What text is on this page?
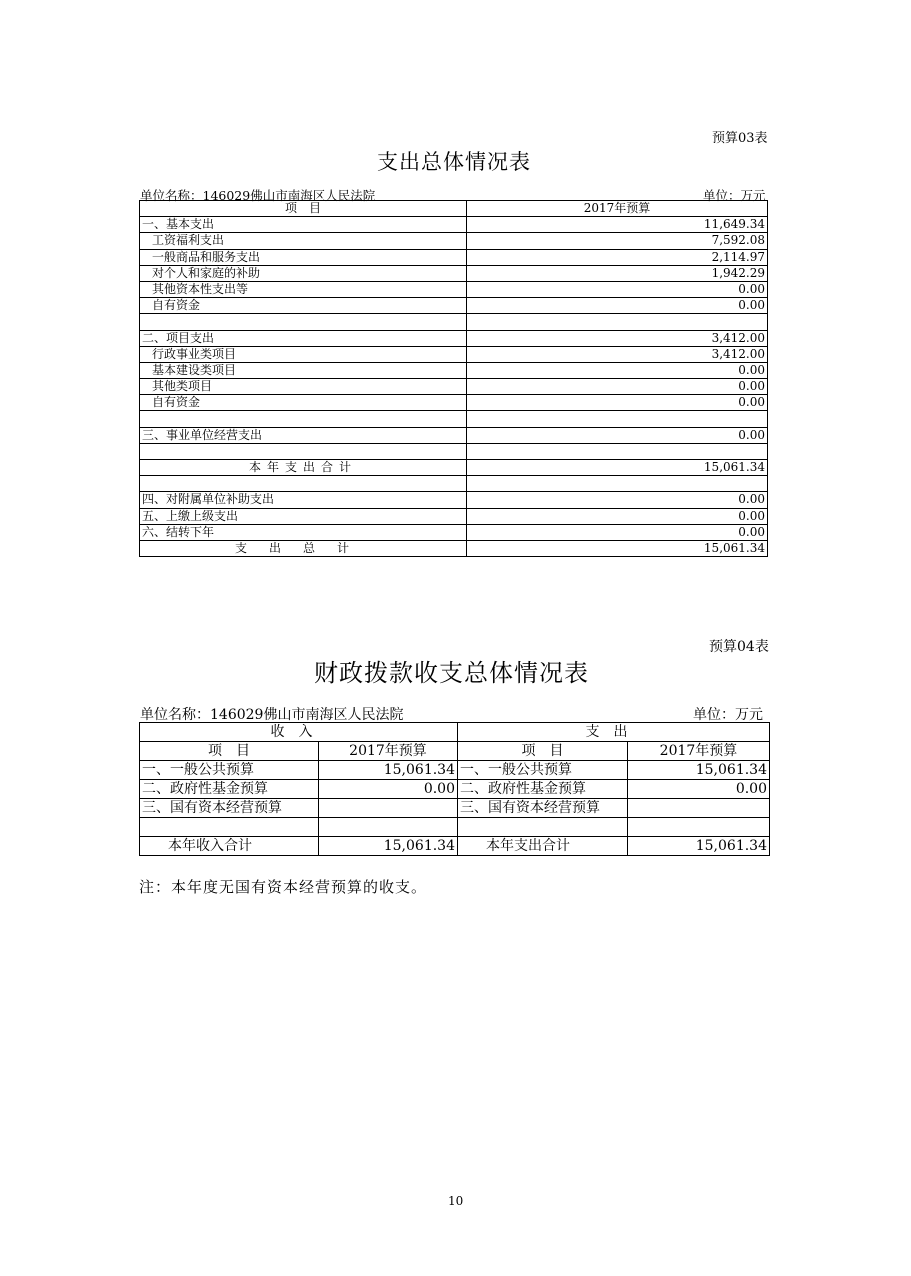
预算03表
支出总体情况表
单位名称：146029佛山市南海区人民法院	单位：万元
项　目	2017年预算
一、基本支出	11,649.34
工资福利支出	7,592.08
一般商品和服务支出	2,114.97
对个人和家庭的补助	1,942.29
其他资本性支出等	0.00
自有资金	0.00

二、项目支出	3,412.00
行政事业类项目	3,412.00
基本建设类项目	0.00
其他类项目	0.00
自有资金	0.00

三、事业单位经营支出	0.00

本年支出合计	15,061.34

四、对附属单位补助支出	0.00
五、上缴上级支出	0.00
六、结转下年	0.00
支出总计	15,061.34
预算04表
财政拨款收支总体情况表
单位名称：146029佛山市南海区人民法院	单位：万元
收入		支出	
项　目	2017年预算	项　目	2017年预算
一、一般公共预算	15,061.34	一、一般公共预算	15,061.34
二、政府性基金预算	0.00	二、政府性基金预算	0.00
三、国有资本经营预算		三、国有资本经营预算	

本年收入合计	15,061.34	本年支出合计	15,061.34
注：本年度无国有资本经营预算的收支。
10
